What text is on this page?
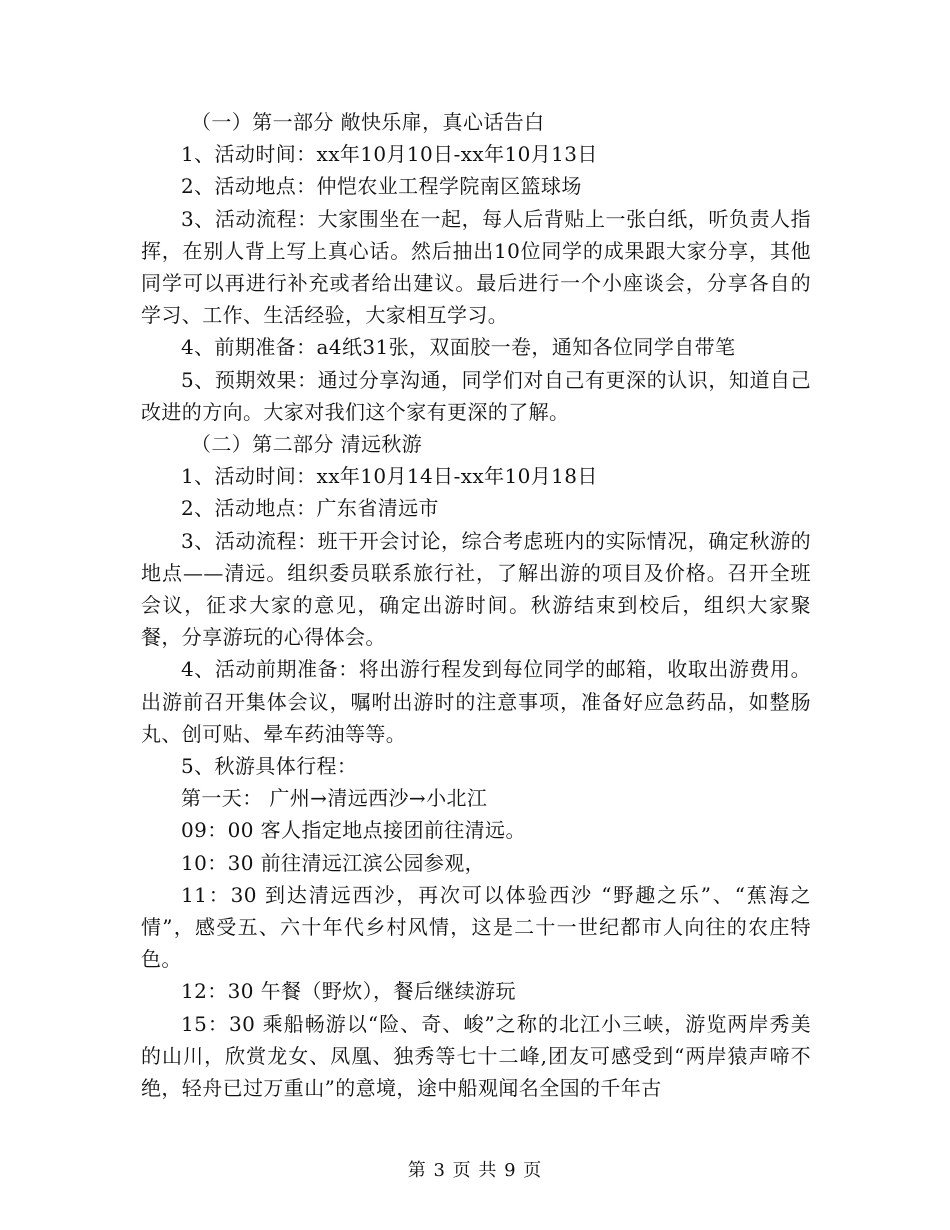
（一）第一部分 敞快乐扉，真心话告白

1、活动时间：xx年10月10日-xx年10月13日

2、活动地点：仲恺农业工程学院南区篮球场

3、活动流程：大家围坐在一起，每人后背贴上一张白纸，听负责人指挥，在别人背上写上真心话。然后抽出10位同学的成果跟大家分享，其他同学可以再进行补充或者给出建议。最后进行一个小座谈会，分享各自的学习、工作、生活经验，大家相互学习。

4、前期准备：a4纸31张，双面胶一卷，通知各位同学自带笔

5、预期效果：通过分享沟通，同学们对自己有更深的认识，知道自己改进的方向。大家对我们这个家有更深的了解。

（二）第二部分 清远秋游

1、活动时间：xx年10月14日-xx年10月18日

2、活动地点：广东省清远市

3、活动流程：班干开会讨论，综合考虑班内的实际情况，确定秋游的地点——清远。组织委员联系旅行社，了解出游的项目及价格。召开全班会议，征求大家的意见，确定出游时间。秋游结束到校后，组织大家聚餐，分享游玩的心得体会。

4、活动前期准备：将出游行程发到每位同学的邮箱，收取出游费用。出游前召开集体会议，嘱咐出游时的注意事项，准备好应急药品，如整肠丸、创可贴、晕车药油等等。

5、秋游具体行程：

第一天： 广州→清远西沙→小北江

09：00 客人指定地点接团前往清远。

10：30 前往清远江滨公园参观，

11：30 到达清远西沙，再次可以体验西沙 “野趣之乐”、“蕉海之情”，感受五、六十年代乡村风情，这是二十一世纪都市人向往的农庄特色。

12：30 午餐（野炊），餐后继续游玩

15：30 乘船畅游以“险、奇、峻”之称的北江小三峡，游览两岸秀美的山川，欣赏龙女、凤凰、独秀等七十二峰,团友可感受到“两岸猿声啼不绝，轻舟已过万重山”的意境，途中船观闻名全国的千年古

第 3 页 共 9 页
